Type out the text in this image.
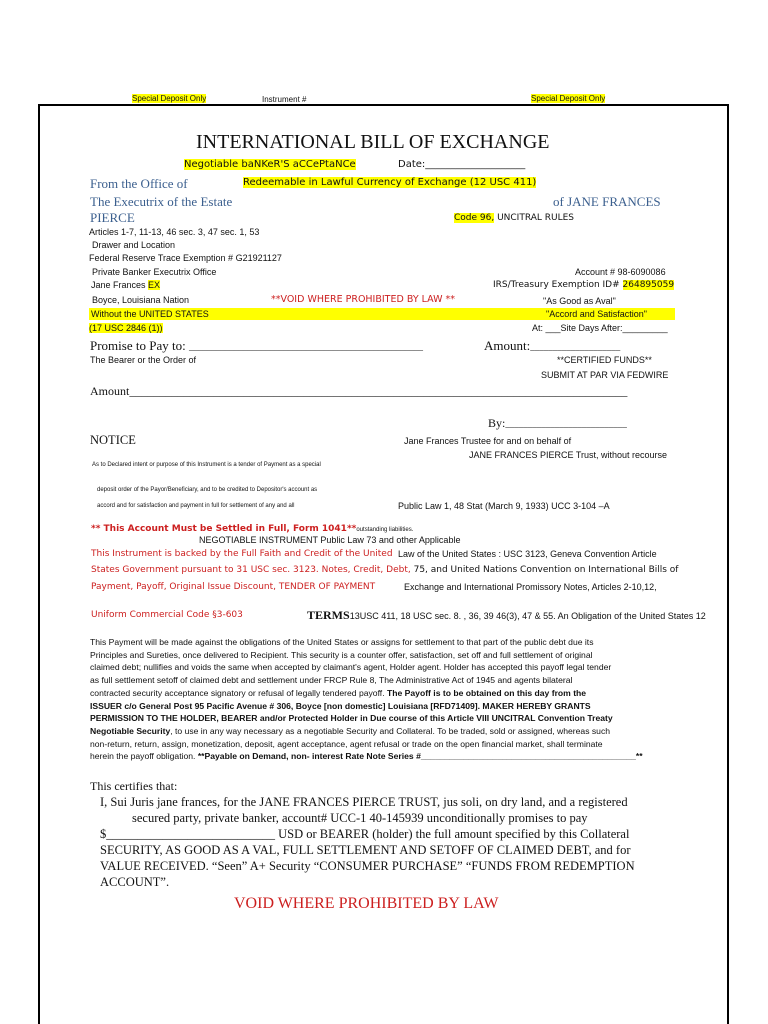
Special Deposit Only	Instrument #	Special Deposit Only
INTERNATIONAL BILL OF EXCHANGE
Negotiable baNKeR'S aCCePtaNCe	Date:____________________
From the Office of	Redeemable in Lawful Currency of Exchange (12 USC 411)
The Executrix of the Estate	of JANE FRANCES
PIERCE	Code 96, UNCITRAL RULES
Articles 1-7, 11-13, 46 sec. 3, 47 sec. 1, 53
Drawer and Location
Federal Reserve Trace Exemption # G21921127
Private Banker Executrix Office
Jane Frances EX
Boyce, Louisiana Nation	**VOID WHERE PROHIBITED BY LAW **
Account # 98-6090086
IRS/Treasury Exemption ID# 264895059
"As Good as Aval"
Without the UNITED STATES	"Accord and Satisfaction"
(17 USC 2846 (1))	At: ___Site Days After:_________
Promise to Pay to: ____________________________________________________	Amount:____________________
The Bearer or the Order of	**CERTIFIED FUNDS**
SUBMIT AT PAR VIA FEDWIRE
Amount___________________________________________________________________________________
By:___________________________
Jane Frances Trustee for and on behalf of
JANE FRANCES PIERCE Trust, without recourse
NOTICE
As to Declared intent or purpose of this Instrument is a tender of Payment as a special
deposit order of the Payor/Beneficiary, and to be credited to Depositor's account as
accord and for satisfaction and payment in full for settlement of any and all	Public Law 1, 48 Stat (March 9, 1933) UCC 3-104 –A
** This Account Must be Settled in Full, Form 1041**outstanding liabilities.
NEGOTIABLE INSTRUMENT Public Law 73 and other Applicable
This Instrument is backed by the Full Faith and Credit of the United Law of the United States : USC 3123, Geneva Convention Article
States Government pursuant to 31 USC sec. 3123. Notes, Credit, Debt, 75, and United Nations Convention on International Bills of
Payment, Payoff, Original Issue Discount, TENDER OF PAYMENT	Exchange and International Promissory Notes, Articles 2-10,12,
Uniform Commercial Code §3-603	TERMS13USC 411, 18 USC sec. 8. , 36, 39 46(3), 47 & 55. An Obligation of the United States 12
This Payment will be made against the obligations of the United States or assigns for settlement to that part of the public debt due its
Principles and Sureties, once delivered to Recipient. This security is a counter offer, satisfaction, set off and full settlement of original
claimed debt; nullifies and voids the same when accepted by claimant's agent, Holder agent. Holder has accepted this payoff legal tender
as full settlement setoff of claimed debt and settlement under FRCP Rule 8, The Administrative Act of 1945 and agents bilateral
contracted security acceptance signatory or refusal of legally tendered payoff. The Payoff is to be obtained on this day from the
ISSUER c/o General Post 95 Pacific Avenue # 306, Boyce [non domestic] Louisiana [RFD71409]. MAKER HEREBY GRANTS
PERMISSION TO THE HOLDER, BEARER and/or Protected Holder in Due course of this Article VIII UNCITRAL Convention Treaty
Negotiable Security, to use in any way necessary as a negotiable Security and Collateral. To be traded, sold or assigned, whereas such
non-return, return, assign, monetization, deposit, agent acceptance, agent refusal or trade on the open financial market, shall terminate
herein the payoff obligation. **Payable on Demand, non- interest Rate Note Series #_____________________________________________**
This certifies that:
I, Sui Juris jane frances, for the JANE FRANCES PIERCE TRUST, jus soli, on dry land, and a registered
secured party, private banker, account# UCC-1 40-145939 unconditionally promises to pay
$___________________________ USD or BEARER (holder) the full amount specified by this Collateral
SECURITY, AS GOOD AS A VAL, FULL SETTLEMENT AND SETOFF OF CLAIMED DEBT, and for
VALUE RECEIVED. “Seen” A+ Security “CONSUMER PURCHASE” “FUNDS FROM REDEMPTION
ACCOUNT”.
VOID WHERE PROHIBITED BY LAW
